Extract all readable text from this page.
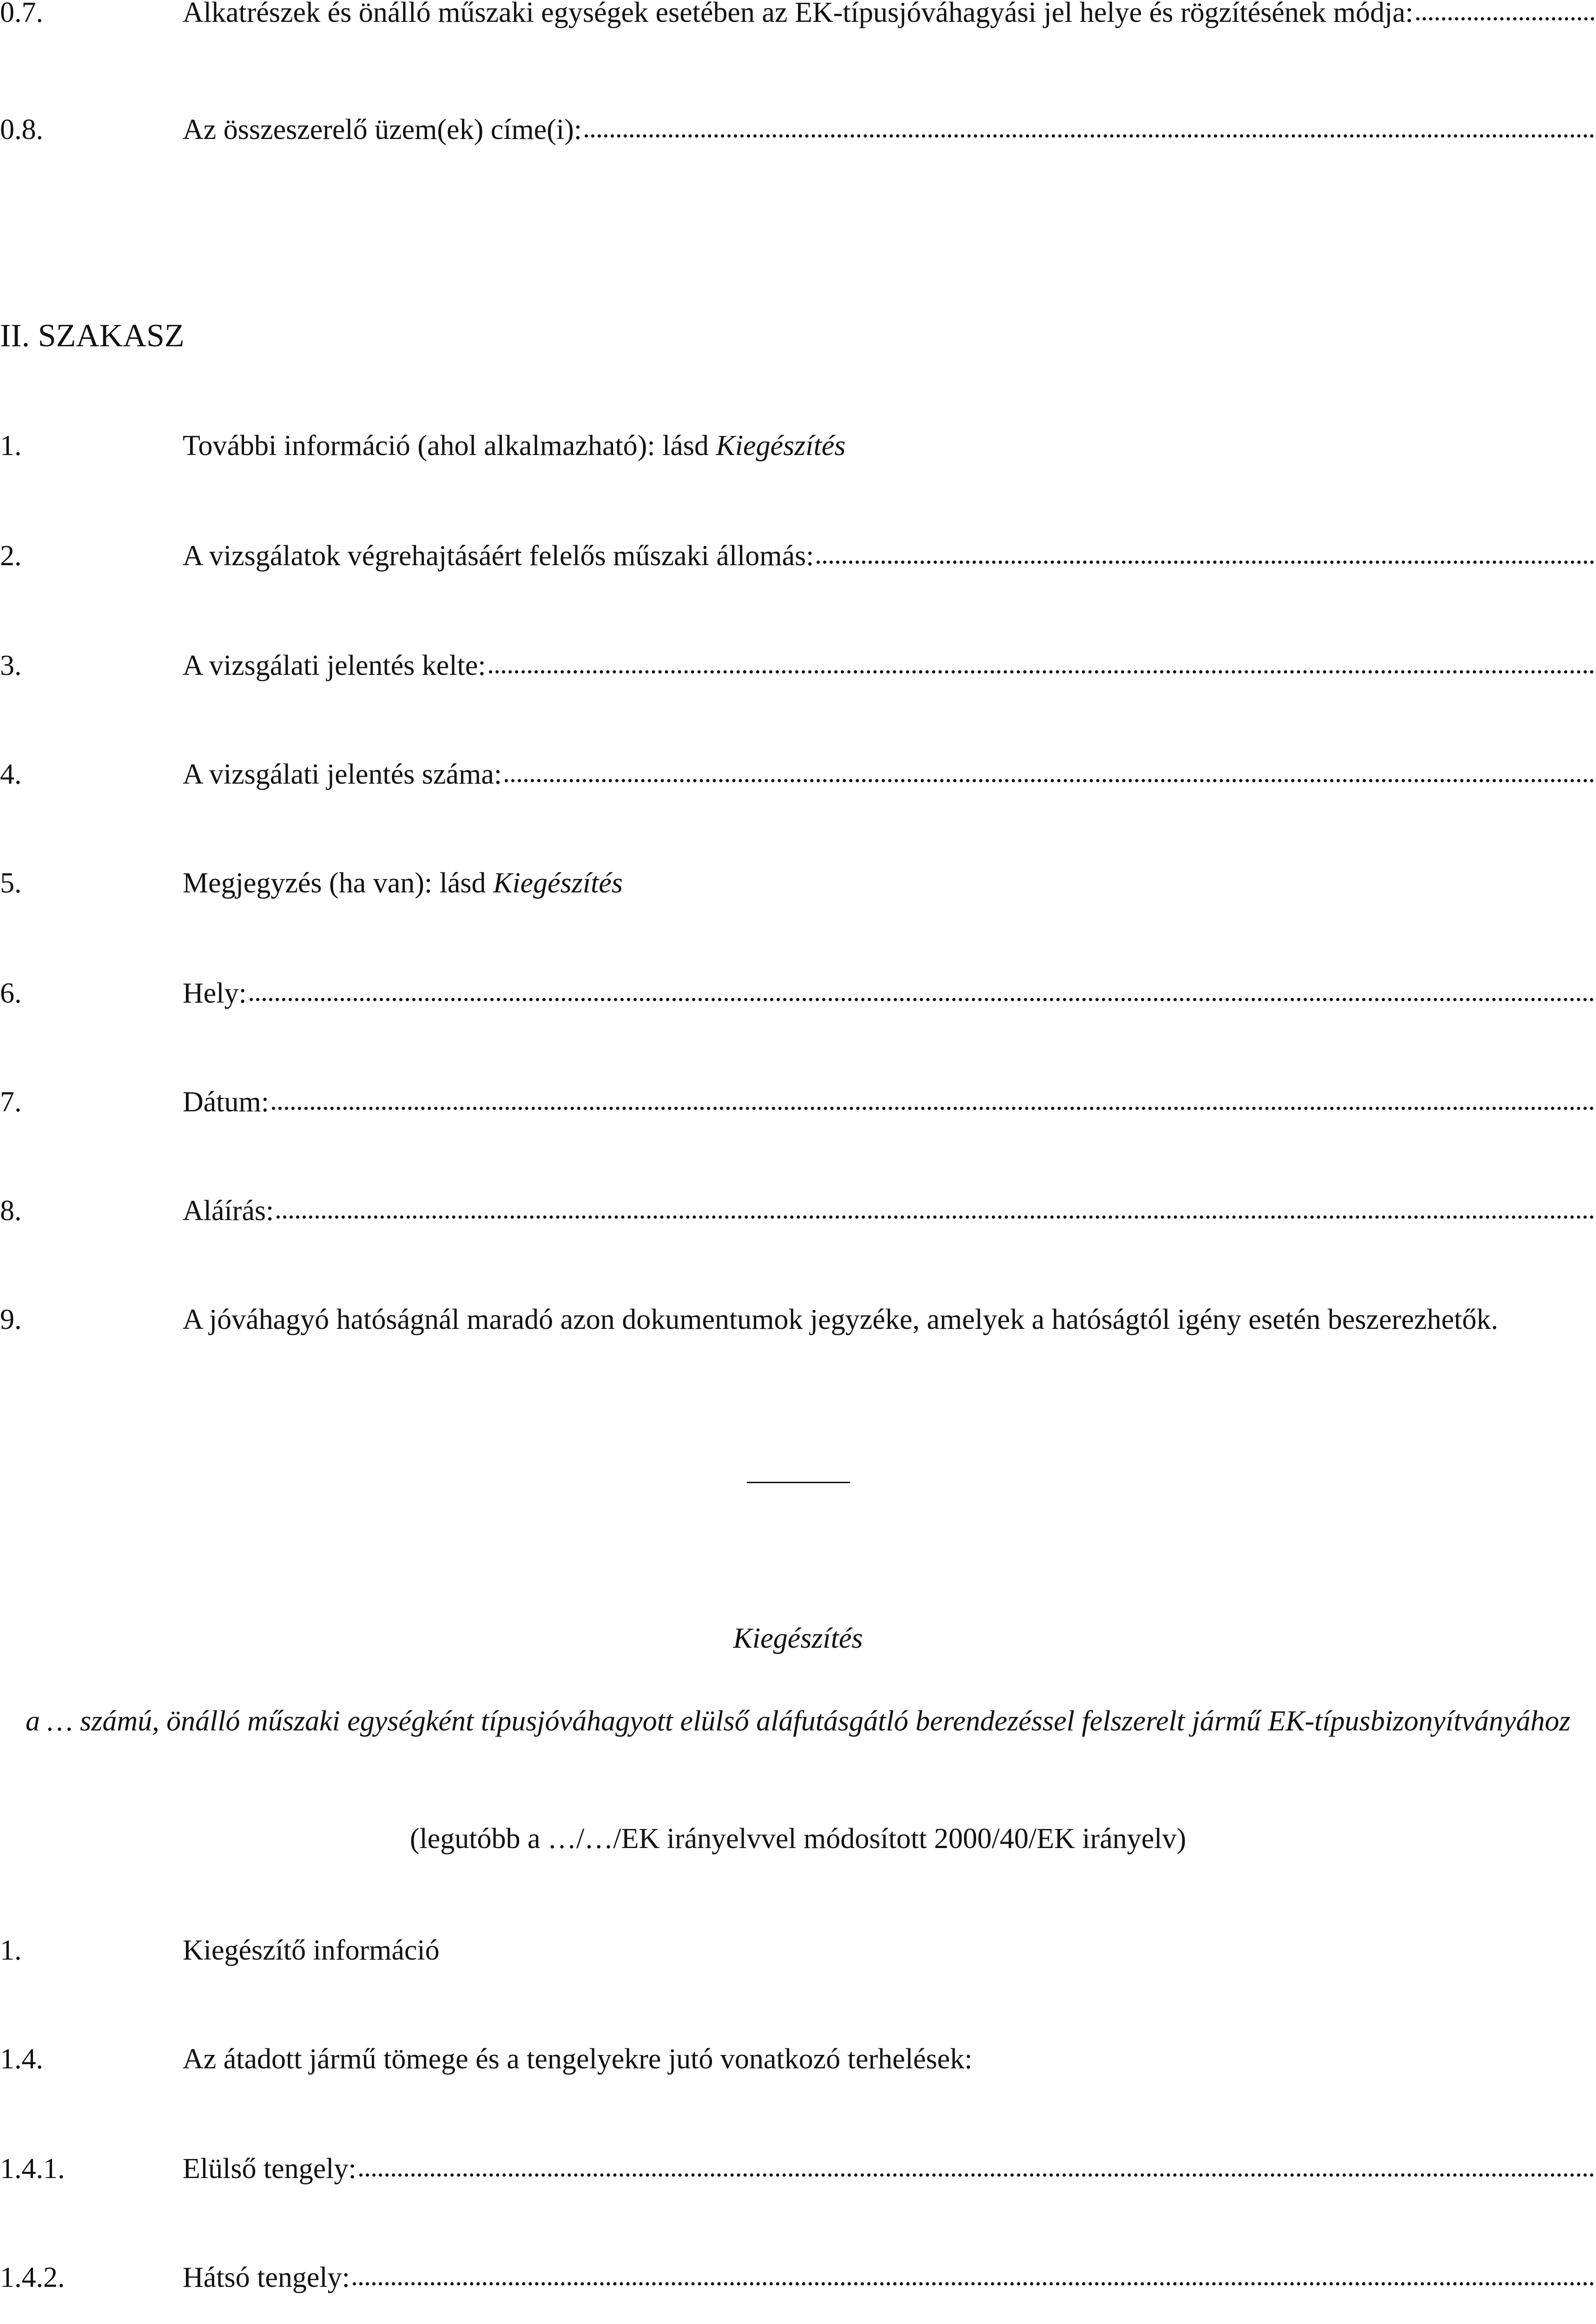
0.7.	Alkatrészek és önálló műszaki egységek esetében az EK-típusjóváhagyási jel helye és rögzítésének módja:
0.8.	Az összeszerelő üzem(ek) címe(i):
II. SZAKASZ
1.	További információ (ahol alkalmazható): lásd Kiegészítés
2.	A vizsgálatok végrehajtásáért felelős műszaki állomás:
3.	A vizsgálati jelentés kelte:
4.	A vizsgálati jelentés száma:
5.	Megjegyzés (ha van): lásd Kiegészítés
6.	Hely:
7.	Dátum:
8.	Aláírás:
9.	A jóváhagyó hatóságnál maradó azon dokumentumok jegyzéke, amelyek a hatóságtól igény esetén beszerezhetők.
Kiegészítés
a … számú, önálló műszaki egységként típusjóváhagyott elülső aláfutásgátló berendezéssel felszerelt jármű EK-típusbizonyítványához
(legutóbb a …/…/EK irányelvvel módosított 2000/40/EK irányelv)
1.	Kiegészítő információ
1.4.	Az átadott jármű tömege és a tengelyekre jutó vonatkozó terhelések:
1.4.1.	Elülső tengely:
1.4.2.	Hátsó tengely:
